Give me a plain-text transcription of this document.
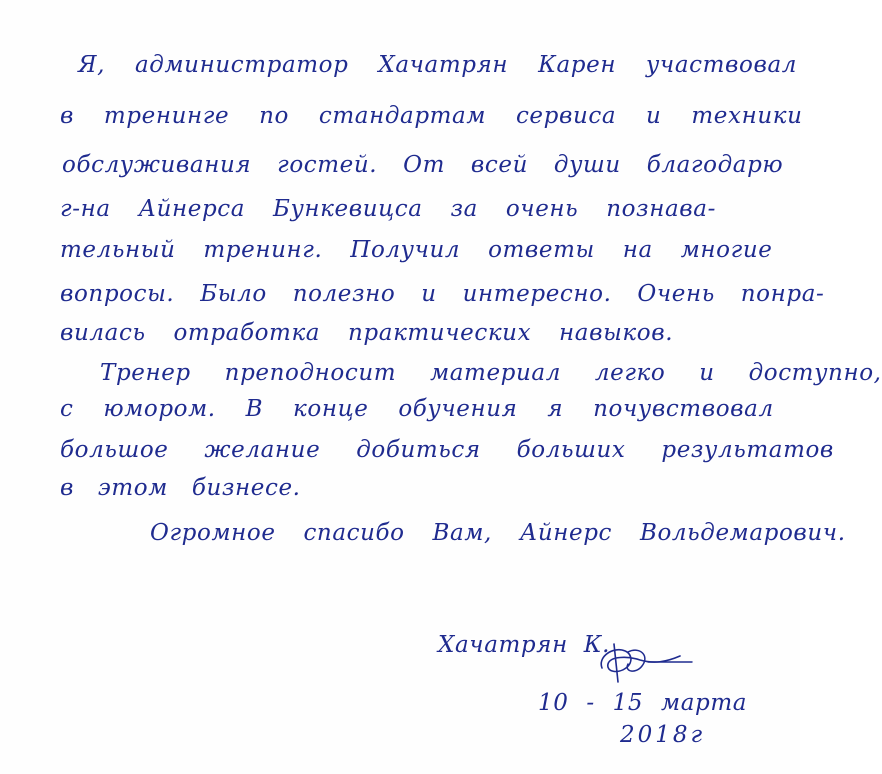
Я, администратор Хачатрян Карен участвовал
в тренинге по стандартам сервиса и техники
обслуживания гостей. От всей души благодарю
г-на Айнерса Бункевицса за очень познава-
тельный тренинг. Получил ответы на многие
вопросы. Было полезно и интересно. Очень понра-
вилась отработка практических навыков.
Тренер преподносит материал легко и доступно,
с юмором. В конце обучения я почувствовал
большое желание добиться больших результатов
в этом бизнесе.
Огромное спасибо Вам, Айнерс Вольдемарович.
Хачатрян К.
10 - 15 марта
2018г
